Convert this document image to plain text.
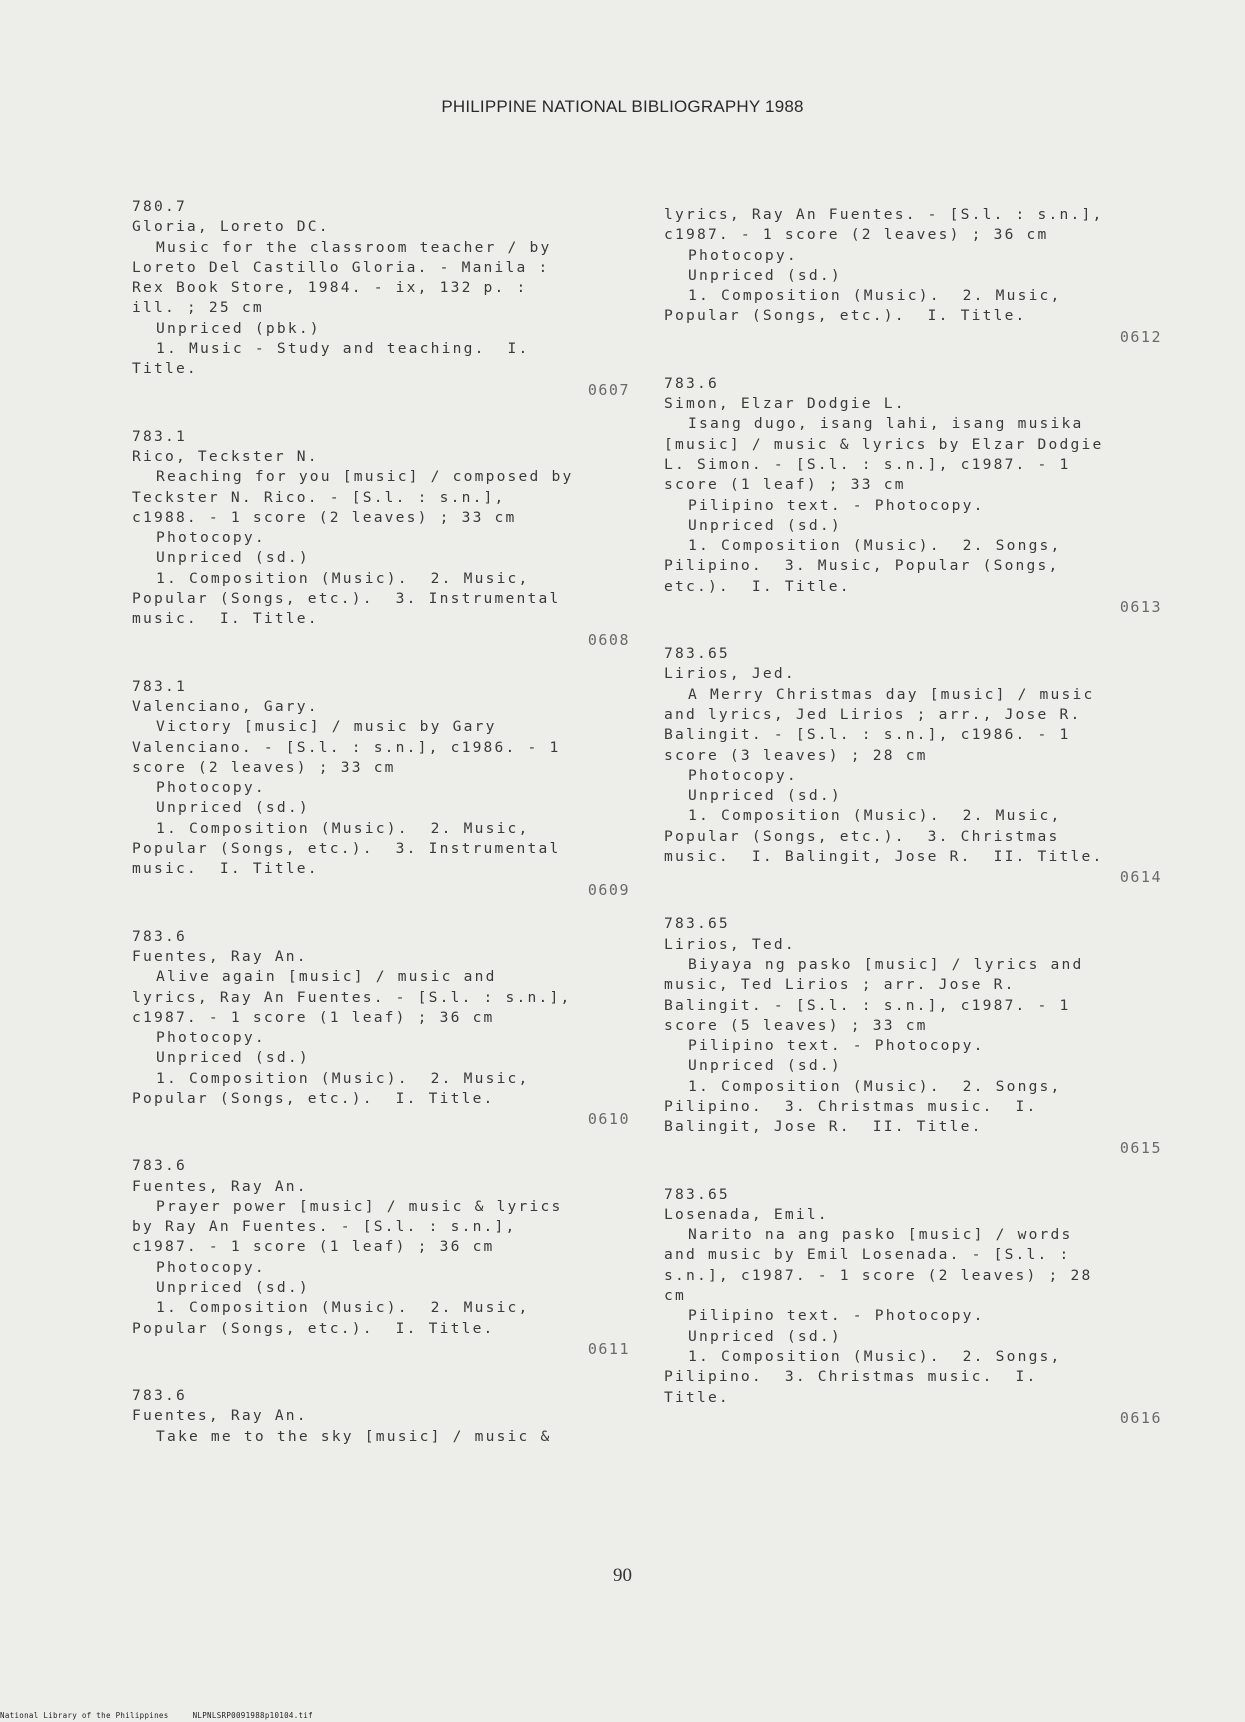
PHILIPPINE NATIONAL BIBLIOGRAPHY 1988
780.7
Gloria, Loreto DC.
Music for the classroom teacher / by
Loreto Del Castillo Gloria. - Manila :
Rex Book Store, 1984. - ix, 132 p. :
ill. ; 25 cm
Unpriced (pbk.)
1. Music - Study and teaching.  I.
Title.
0607
783.1
Rico, Teckster N.
Reaching for you [music] / composed by
Teckster N. Rico. - [S.l. : s.n.],
c1988. - 1 score (2 leaves) ; 33 cm
Photocopy.
Unpriced (sd.)
1. Composition (Music).  2. Music,
Popular (Songs, etc.).  3. Instrumental
music.  I. Title.
0608
783.1
Valenciano, Gary.
Victory [music] / music by Gary
Valenciano. - [S.l. : s.n.], c1986. - 1
score (2 leaves) ; 33 cm
Photocopy.
Unpriced (sd.)
1. Composition (Music).  2. Music,
Popular (Songs, etc.).  3. Instrumental
music.  I. Title.
0609
783.6
Fuentes, Ray An.
Alive again [music] / music and
lyrics, Ray An Fuentes. - [S.l. : s.n.],
c1987. - 1 score (1 leaf) ; 36 cm
Photocopy.
Unpriced (sd.)
1. Composition (Music).  2. Music,
Popular (Songs, etc.).  I. Title.
0610
783.6
Fuentes, Ray An.
Prayer power [music] / music & lyrics
by Ray An Fuentes. - [S.l. : s.n.],
c1987. - 1 score (1 leaf) ; 36 cm
Photocopy.
Unpriced (sd.)
1. Composition (Music).  2. Music,
Popular (Songs, etc.).  I. Title.
0611
783.6
Fuentes, Ray An.
Take me to the sky [music] / music &
lyrics, Ray An Fuentes. - [S.l. : s.n.],
c1987. - 1 score (2 leaves) ; 36 cm
Photocopy.
Unpriced (sd.)
1. Composition (Music).  2. Music,
Popular (Songs, etc.).  I. Title.
0612
783.6
Simon, Elzar Dodgie L.
Isang dugo, isang lahi, isang musika
[music] / music & lyrics by Elzar Dodgie
L. Simon. - [S.l. : s.n.], c1987. - 1
score (1 leaf) ; 33 cm
Pilipino text. - Photocopy.
Unpriced (sd.)
1. Composition (Music).  2. Songs,
Pilipino.  3. Music, Popular (Songs,
etc.).  I. Title.
0613
783.65
Lirios, Jed.
A Merry Christmas day [music] / music
and lyrics, Jed Lirios ; arr., Jose R.
Balingit. - [S.l. : s.n.], c1986. - 1
score (3 leaves) ; 28 cm
Photocopy.
Unpriced (sd.)
1. Composition (Music).  2. Music,
Popular (Songs, etc.).  3. Christmas
music.  I. Balingit, Jose R.  II. Title.
0614
783.65
Lirios, Ted.
Biyaya ng pasko [music] / lyrics and
music, Ted Lirios ; arr. Jose R.
Balingit. - [S.l. : s.n.], c1987. - 1
score (5 leaves) ; 33 cm
Pilipino text. - Photocopy.
Unpriced (sd.)
1. Composition (Music).  2. Songs,
Pilipino.  3. Christmas music.  I.
Balingit, Jose R.  II. Title.
0615
783.65
Losenada, Emil.
Narito na ang pasko [music] / words
and music by Emil Losenada. - [S.l. :
s.n.], c1987. - 1 score (2 leaves) ; 28
cm
Pilipino text. - Photocopy.
Unpriced (sd.)
1. Composition (Music).  2. Songs,
Pilipino.  3. Christmas music.  I.
Title.
0616
90
National Library of the Philippines     NLPNLSRP0091988p10104.tif
